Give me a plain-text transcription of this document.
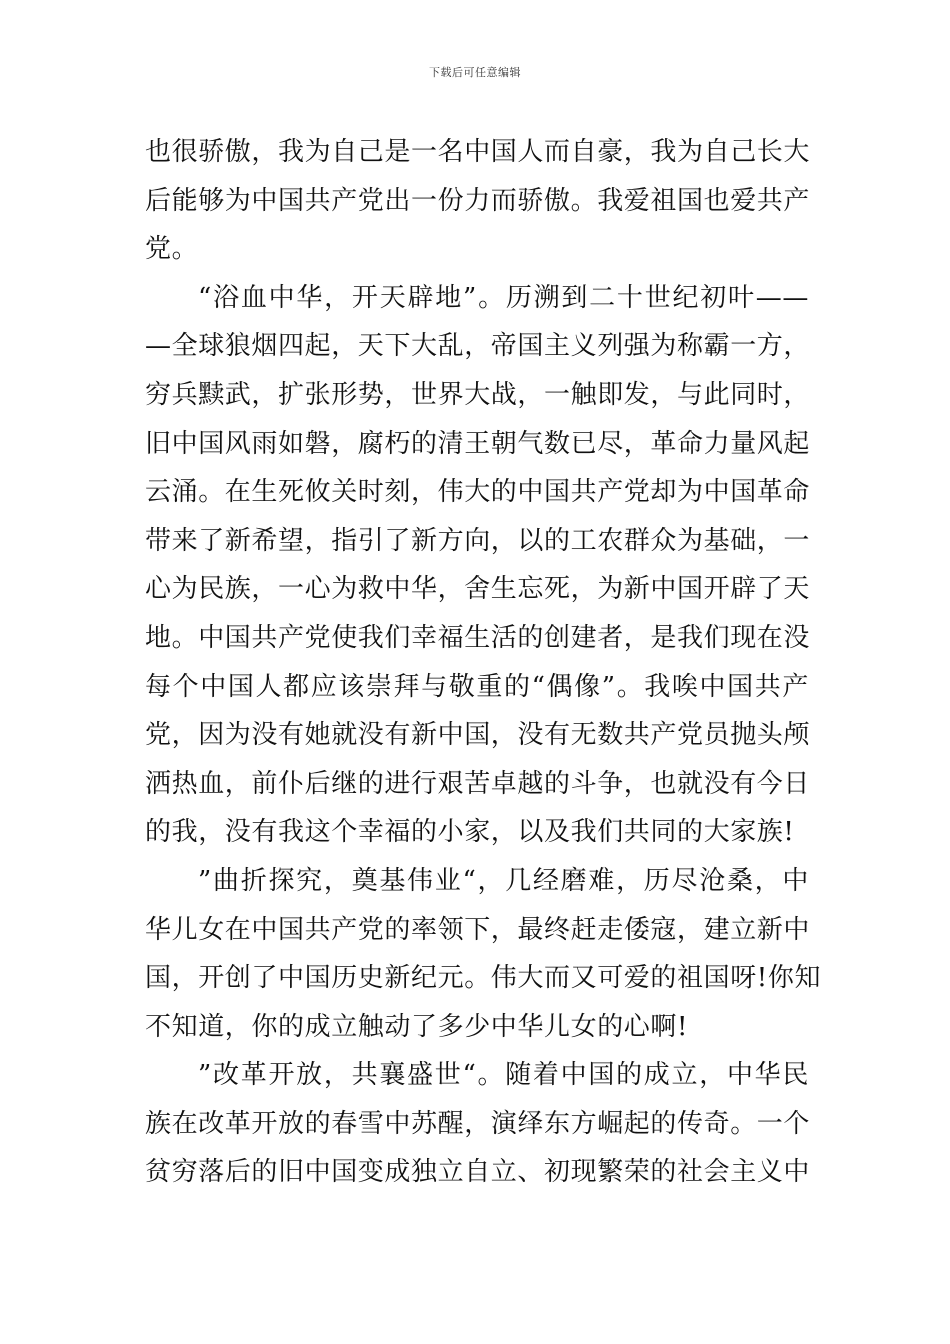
下载后可任意编辑
也很骄傲，我为自己是一名中国人而自豪，我为自己长大
后能够为中国共产党出一份力而骄傲。我爱祖国也爱共产
党。
“浴血中华，开天辟地”。历溯到二十世纪初叶——
—全球狼烟四起，天下大乱，帝国主义列强为称霸一方，
穷兵黩武，扩张形势，世界大战，一触即发，与此同时，
旧中国风雨如磐，腐朽的清王朝气数已尽，革命力量风起
云涌。在生死攸关时刻，伟大的中国共产党却为中国革命
带来了新希望，指引了新方向，以的工农群众为基础，一
心为民族，一心为救中华，舍生忘死，为新中国开辟了天
地。中国共产党使我们幸福生活的创建者，是我们现在没
每个中国人都应该崇拜与敬重的“偶像”。我唉中国共产
党，因为没有她就没有新中国，没有无数共产党员抛头颅
洒热血，前仆后继的进行艰苦卓越的斗争，也就没有今日
的我，没有我这个幸福的小家，以及我们共同的大家族!
”曲折探究，奠基伟业“，几经磨难，历尽沧桑，中
华儿女在中国共产党的率领下，最终赶走倭寇，建立新中
国，开创了中国历史新纪元。伟大而又可爱的祖国呀!你知
不知道，你的成立触动了多少中华儿女的心啊!
”改革开放，共襄盛世“。随着中国的成立，中华民
族在改革开放的春雪中苏醒，演绎东方崛起的传奇。一个
贫穷落后的旧中国变成独立自立、初现繁荣的社会主义中
